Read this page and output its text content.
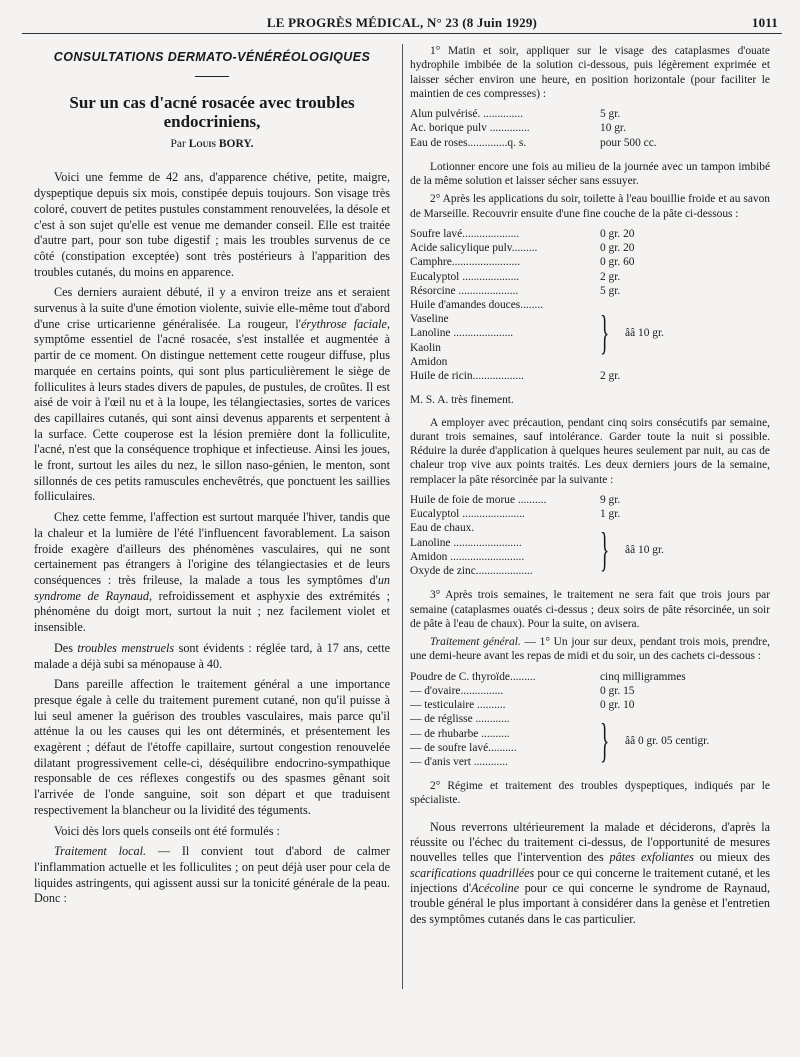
LE PROGRÈS MÉDICAL, N° 23 (8 Juin 1929)	1011
CONSULTATIONS DERMATO-VÉNÉRÉOLOGIQUES
Sur un cas d'acné rosacée avec troubles endocriniens,
Par Louis BORY.

Voici une femme de 42 ans, d'apparence chétive, petite, maigre, dyspeptique depuis six mois, constipée depuis toujours. Son visage très coloré, couvert de petites pustules constamment renouvelées, la désole et c'est à son sujet qu'elle est venue me demander conseil. Elle est traitée d'autre part, pour son tube digestif ; mais les troubles survenus de ce côté (constipation exceptée) sont très postérieurs à l'apparition des troubles cutanés, du moins en apparence.

Ces derniers auraient débuté, il y a environ treize ans et seraient survenus à la suite d'une émotion violente, suivie elle-même tout d'abord d'une crise urticarienne généralisée. La rougeur, l'érythrose faciale, symptôme essentiel de l'acné rosacée, s'est installée et augmentée à partir de ce moment. On distingue nettement cette rougeur diffuse, plus marquée en certains points, qui sont plus particulièrement le siège de folliculites à leurs stades divers de papules, de pustules, de croûtes. Il est aisé de voir à l'œil nu et à la loupe, les télangiectasies, sortes de varices des capillaires cutanés, qui sont ainsi devenus apparents et serpentent à la surface. Cette couperose est la lésion première dont la folliculite, l'acné, n'est que la conséquence trophique et infectieuse. Ainsi les joues, le front, surtout les ailes du nez, le sillon naso-génien, le menton, sont sillonnés de ces petits ramuscules enchevêtrés, que ponctuent les saillies folliculaires.

Chez cette femme, l'affection est surtout marquée l'hiver, tandis que la chaleur et la lumière de l'été l'influencent favorablement. La saison froide exagère d'ailleurs des phénomènes vasculaires, qui ne sont certainement pas étrangers à l'origine des télangiectasies et de leurs conséquences : très frileuse, la malade a tous les symptômes d'un syndrome de Raynaud, refroidissement et asphyxie des extrémités ; phénomène du doigt mort, surtout la nuit ; nez facilement violet et insensible.

Des troubles menstruels sont évidents : réglée tard, à 17 ans, cette malade a déjà subi sa ménopause à 40.

Dans pareille affection le traitement général a une importance presque égale à celle du traitement purement cutané, non qu'il puisse à lui seul amener la guérison des troubles vasculaires, mais parce qu'il atténue la ou les causes qui les ont déterminés, et présentement les exagèrent ; défaut de l'étoffe capillaire, surtout congestion renouvelée dilatant progressivement celle-ci, déséquilibre endocrino-sympathique responsable de ces réflexes congestifs ou des spasmes gênant soit l'arrivée de l'onde sanguine, soit son départ et que traduisent respectivement la blancheur ou la lividité des téguments.

Voici dès lors quels conseils ont été formulés :

Traitement local. — Il convient tout d'abord de calmer l'inflammation actuelle et les folliculites ; on peut déjà user pour cela de liquides astringents, qui agissent aussi sur la tonicité générale de la peau. Donc :

1° Matin et soir, appliquer sur le visage des cataplasmes d'ouate hydrophile imbibée de la solution ci-dessous, puis légèrement exprimée et laisser sécher environ une heure, en position horizontale (pour faciliter le maintien de ces compresses) :

Alun pulvérisé. ..............	5 gr.
Ac. borique pulv ..............	10 gr.
Eau de roses..............q. s.	pour 500 cc.

Lotionner encore une fois au milieu de la journée avec un tampon imbibé de la même solution et laisser sécher sans essuyer.

2° Après les applications du soir, toilette à l'eau bouillie froide et au savon de Marseille. Recouvrir ensuite d'une fine couche de la pâte ci-dessous :

Soufre lavé....................	0 gr. 20
Acide salicylique pulv.........	0 gr. 20
Camphre........................	0 gr. 60
Eucalyptol ....................	2 gr.
Résorcine .....................	5 gr.
Huile d'amandes douces........
Vaseline
Lanoline .....................
Kaolin
Amidon
} ââ 10 gr.
Huile de ricin..................	2 gr.
M. S. A. très finement.

A employer avec précaution, pendant cinq soirs consécutifs par semaine, durant trois semaines, sauf intolérance. Garder toute la nuit si possible. Réduire la durée d'application à quelques heures seulement par nuit, au cas de chaleur trop vive aux points traités. Les deux derniers jours de la semaine, remplacer la pâte résorcinée par la suivante :

Huile de foie de morue ..........	9 gr.
Eucalyptol ......................	1 gr.
Eau de chaux.
Lanoline ........................
Amidon ..........................
Oxyde de zinc....................	} ââ 10 gr.

3° Après trois semaines, le traitement ne sera fait que trois jours par semaine (cataplasmes ouatés ci-dessus ; deux soirs de pâte résorcinée, un soir de pâte à l'eau de chaux). Pour la suite, on avisera.

Traitement général. — 1° Un jour sur deux, pendant trois mois, prendre, une demi-heure avant les repas de midi et du soir, un des cachets ci-dessous :

Poudre de C. thyroïde.........	cinq milligrammes
— d'ovaire...............	0 gr. 15
— testiculaire ..........	0 gr. 10
— de réglisse ............
— de rhubarbe ..........
— de soufre lavé..........
— d'anis vert ............	} ââ 0 gr. 05 centigr.

2° Régime et traitement des troubles dyspeptiques, indiqués par le spécialiste.

Nous reverrons ultérieurement la malade et déciderons, d'après la réussite ou l'échec du traitement ci-dessus, de l'opportunité de mesures nouvelles telles que l'intervention des pâtes exfoliantes ou mieux des scarifications quadrillées pour ce qui concerne le traitement cutané, et les injections d'Acécoline pour ce qui concerne le syndrome de Raynaud, trouble général le plus important à considérer dans la genèse et l'entretien des symptômes cutanés dans le cas particulier.
